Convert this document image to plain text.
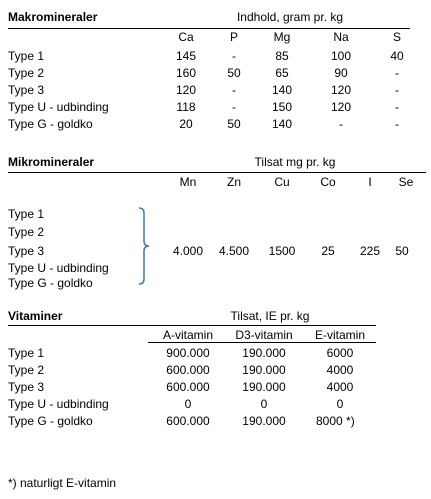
Makromineraler	Indhold, gram pr. kg
Ca	P	Mg	Na	S
Type 1	145	-	85	100	40
Type 2	160	50	65	90	-
Type 3	120	-	140	120	-
Type U - udbinding	118	-	150	120	-
Type G - goldko	20	50	140	-	-
Mikromineraler	Tilsat mg pr. kg
Mn	Zn	Cu	Co	I	Se
Type 1
Type 2
Type 3
Type U - udbinding
Type G - goldko
4.000	4.500	1500	25	225	50
Vitaminer	Tilsat, IE pr. kg
A-vitamin	D3-vitamin	E-vitamin
Type 1	900.000	190.000	6000
Type 2	600.000	190.000	4000
Type 3	600.000	190.000	4000
Type U - udbinding	0	0	0
Type G - goldko	600.000	190.000	8000 *)
*) naturligt E-vitamin
